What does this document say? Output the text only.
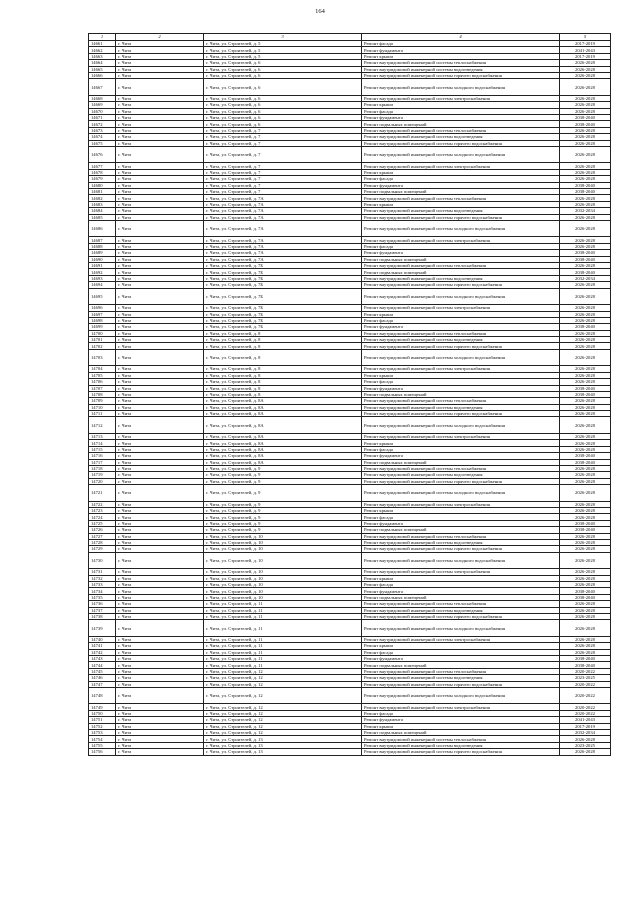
164
1	2	3	4	5
14661	г. Чита	г. Чита, ул. Строителей, д. 5	Ремонт фасада	2017-2019
14662	г. Чита	г. Чита, ул. Строителей, д. 5	Ремонт фундамента	2041-2043
14663	г. Чита	г. Чита, ул. Строителей, д. 5	Ремонт крыши	2017-2019
14664	г. Чита	г. Чита, ул. Строителей, д. 6	Ремонт внутридомовой инженерной системы теплоснабжения	2026-2028
14665	г. Чита	г. Чита, ул. Строителей, д. 6	Ремонт внутридомовой инженерной системы водоотведения	2026-2028
14666	г. Чита	г. Чита, ул. Строителей, д. 6	Ремонт внутридомовой инженерной системы горячего водоснабжения	2026-2028
14667	г. Чита	г. Чита, ул. Строителей, д. 6	Ремонт внутридомовой инженерной системы холодного водоснабжения	2026-2028
14668	г. Чита	г. Чита, ул. Строителей, д. 6	Ремонт внутридомовой инженерной системы электроснабжения	2026-2028
14669	г. Чита	г. Чита, ул. Строителей, д. 6	Ремонт крыши	2026-2028
14670	г. Чита	г. Чита, ул. Строителей, д. 6	Ремонт фасада	2026-2028
14671	г. Чита	г. Чита, ул. Строителей, д. 6	Ремонт фундамента	2038-2040
14672	г. Чита	г. Чита, ул. Строителей, д. 6	Ремонт подвальных помещений	2038-2040
14673	г. Чита	г. Чита, ул. Строителей, д. 7	Ремонт внутридомовой инженерной системы теплоснабжения	2026-2028
14674	г. Чита	г. Чита, ул. Строителей, д. 7	Ремонт внутридомовой инженерной системы водоотведения	2026-2028
14675	г. Чита	г. Чита, ул. Строителей, д. 7	Ремонт внутридомовой инженерной системы горячего водоснабжения	2026-2028
14676	г. Чита	г. Чита, ул. Строителей, д. 7	Ремонт внутридомовой инженерной системы холодного водоснабжения	2026-2028
14677	г. Чита	г. Чита, ул. Строителей, д. 7	Ремонт внутридомовой инженерной системы электроснабжения	2026-2028
14678	г. Чита	г. Чита, ул. Строителей, д. 7	Ремонт крыши	2026-2028
14679	г. Чита	г. Чита, ул. Строителей, д. 7	Ремонт фасада	2026-2028
14680	г. Чита	г. Чита, ул. Строителей, д. 7	Ремонт фундамента	2038-2040
14681	г. Чита	г. Чита, ул. Строителей, д. 7	Ремонт подвальных помещений	2038-2040
14682	г. Чита	г. Чита, ул. Строителей, д. 7А	Ремонт внутридомовой инженерной системы теплоснабжения	2026-2028
14683	г. Чита	г. Чита, ул. Строителей, д. 7А	Ремонт крыши	2026-2028
14684	г. Чита	г. Чита, ул. Строителей, д. 7А	Ремонт внутридомовой инженерной системы водоотведения	2032-2034
14685	г. Чита	г. Чита, ул. Строителей, д. 7А	Ремонт внутридомовой инженерной системы горячего водоснабжения	2026-2028
14686	г. Чита	г. Чита, ул. Строителей, д. 7А	Ремонт внутридомовой инженерной системы холодного водоснабжения	2026-2028
14687	г. Чита	г. Чита, ул. Строителей, д. 7А	Ремонт внутридомовой инженерной системы электроснабжения	2026-2028
14688	г. Чита	г. Чита, ул. Строителей, д. 7А	Ремонт фасада	2026-2028
14689	г. Чита	г. Чита, ул. Строителей, д. 7А	Ремонт фундамента	2038-2040
14690	г. Чита	г. Чита, ул. Строителей, д. 7А	Ремонт подвальных помещений	2038-2040
14691	г. Чита	г. Чита, ул. Строителей, д. 7Б	Ремонт внутридомовой инженерной системы теплоснабжения	2026-2028
14692	г. Чита	г. Чита, ул. Строителей, д. 7Б	Ремонт подвальных помещений	2038-2040
14693	г. Чита	г. Чита, ул. Строителей, д. 7Б	Ремонт внутридомовой инженерной системы водоотведения	2032-2034
14694	г. Чита	г. Чита, ул. Строителей, д. 7Б	Ремонт внутридомовой инженерной системы горячего водоснабжения	2026-2028
14695	г. Чита	г. Чита, ул. Строителей, д. 7Б	Ремонт внутридомовой инженерной системы холодного водоснабжения	2026-2028
14696	г. Чита	г. Чита, ул. Строителей, д. 7Б	Ремонт внутридомовой инженерной системы электроснабжения	2026-2028
14697	г. Чита	г. Чита, ул. Строителей, д. 7Б	Ремонт крыши	2026-2028
14698	г. Чита	г. Чита, ул. Строителей, д. 7Б	Ремонт фасада	2026-2028
14699	г. Чита	г. Чита, ул. Строителей, д. 7Б	Ремонт фундамента	2038-2040
14700	г. Чита	г. Чита, ул. Строителей, д. 8	Ремонт внутридомовой инженерной системы теплоснабжения	2026-2028
14701	г. Чита	г. Чита, ул. Строителей, д. 8	Ремонт внутридомовой инженерной системы водоотведения	2026-2028
14702	г. Чита	г. Чита, ул. Строителей, д. 8	Ремонт внутридомовой инженерной системы горячего водоснабжения	2026-2028
14703	г. Чита	г. Чита, ул. Строителей, д. 8	Ремонт внутридомовой инженерной системы холодного водоснабжения	2026-2028
14704	г. Чита	г. Чита, ул. Строителей, д. 8	Ремонт внутридомовой инженерной системы электроснабжения	2026-2028
14705	г. Чита	г. Чита, ул. Строителей, д. 8	Ремонт крыши	2026-2028
14706	г. Чита	г. Чита, ул. Строителей, д. 8	Ремонт фасада	2026-2028
14707	г. Чита	г. Чита, ул. Строителей, д. 8	Ремонт фундамента	2038-2040
14708	г. Чита	г. Чита, ул. Строителей, д. 8	Ремонт подвальных помещений	2038-2040
14709	г. Чита	г. Чита, ул. Строителей, д. 8А	Ремонт внутридомовой инженерной системы теплоснабжения	2026-2028
14710	г. Чита	г. Чита, ул. Строителей, д. 8А	Ремонт внутридомовой инженерной системы водоотведения	2026-2028
14711	г. Чита	г. Чита, ул. Строителей, д. 8А	Ремонт внутридомовой инженерной системы горячего водоснабжения	2026-2028
14712	г. Чита	г. Чита, ул. Строителей, д. 8А	Ремонт внутридомовой инженерной системы холодного водоснабжения	2026-2028
14713	г. Чита	г. Чита, ул. Строителей, д. 8А	Ремонт внутридомовой инженерной системы электроснабжения	2026-2028
14714	г. Чита	г. Чита, ул. Строителей, д. 8А	Ремонт крыши	2026-2028
14715	г. Чита	г. Чита, ул. Строителей, д. 8А	Ремонт фасада	2026-2028
14716	г. Чита	г. Чита, ул. Строителей, д. 8А	Ремонт фундамента	2038-2040
14717	г. Чита	г. Чита, ул. Строителей, д. 8А	Ремонт подвальных помещений	2038-2040
14718	г. Чита	г. Чита, ул. Строителей, д. 9	Ремонт внутридомовой инженерной системы теплоснабжения	2026-2028
14719	г. Чита	г. Чита, ул. Строителей, д. 9	Ремонт внутридомовой инженерной системы водоотведения	2026-2028
14720	г. Чита	г. Чита, ул. Строителей, д. 9	Ремонт внутридомовой инженерной системы горячего водоснабжения	2026-2028
14721	г. Чита	г. Чита, ул. Строителей, д. 9	Ремонт внутридомовой инженерной системы холодного водоснабжения	2026-2028
14722	г. Чита	г. Чита, ул. Строителей, д. 9	Ремонт внутридомовой инженерной системы электроснабжения	2026-2028
14723	г. Чита	г. Чита, ул. Строителей, д. 9	Ремонт крыши	2026-2028
14724	г. Чита	г. Чита, ул. Строителей, д. 9	Ремонт фасада	2026-2028
14725	г. Чита	г. Чита, ул. Строителей, д. 9	Ремонт фундамента	2038-2040
14726	г. Чита	г. Чита, ул. Строителей, д. 9	Ремонт подвальных помещений	2038-2040
14727	г. Чита	г. Чита, ул. Строителей, д. 10	Ремонт внутридомовой инженерной системы теплоснабжения	2026-2028
14728	г. Чита	г. Чита, ул. Строителей, д. 10	Ремонт внутридомовой инженерной системы водоотведения	2026-2028
14729	г. Чита	г. Чита, ул. Строителей, д. 10	Ремонт внутридомовой инженерной системы горячего водоснабжения	2026-2028
14730	г. Чита	г. Чита, ул. Строителей, д. 10	Ремонт внутридомовой инженерной системы холодного водоснабжения	2026-2028
14731	г. Чита	г. Чита, ул. Строителей, д. 10	Ремонт внутридомовой инженерной системы электроснабжения	2026-2028
14732	г. Чита	г. Чита, ул. Строителей, д. 10	Ремонт крыши	2026-2028
14733	г. Чита	г. Чита, ул. Строителей, д. 10	Ремонт фасада	2026-2028
14734	г. Чита	г. Чита, ул. Строителей, д. 10	Ремонт фундамента	2038-2040
14735	г. Чита	г. Чита, ул. Строителей, д. 10	Ремонт подвальных помещений	2038-2040
14736	г. Чита	г. Чита, ул. Строителей, д. 11	Ремонт внутридомовой инженерной системы теплоснабжения	2026-2028
14737	г. Чита	г. Чита, ул. Строителей, д. 11	Ремонт внутридомовой инженерной системы водоотведения	2026-2028
14738	г. Чита	г. Чита, ул. Строителей, д. 11	Ремонт внутридомовой инженерной системы горячего водоснабжения	2026-2028
14739	г. Чита	г. Чита, ул. Строителей, д. 11	Ремонт внутридомовой инженерной системы холодного водоснабжения	2026-2028
14740	г. Чита	г. Чита, ул. Строителей, д. 11	Ремонт внутридомовой инженерной системы электроснабжения	2026-2028
14741	г. Чита	г. Чита, ул. Строителей, д. 11	Ремонт крыши	2026-2028
14742	г. Чита	г. Чита, ул. Строителей, д. 11	Ремонт фасада	2026-2028
14743	г. Чита	г. Чита, ул. Строителей, д. 11	Ремонт фундамента	2038-2040
14744	г. Чита	г. Чита, ул. Строителей, д. 11	Ремонт подвальных помещений	2038-2040
14745	г. Чита	г. Чита, ул. Строителей, д. 12	Ремонт внутридомовой инженерной системы теплоснабжения	2020-2022
14746	г. Чита	г. Чита, ул. Строителей, д. 12	Ремонт внутридомовой инженерной системы водоотведения	2023-2025
14747	г. Чита	г. Чита, ул. Строителей, д. 12	Ремонт внутридомовой инженерной системы горячего водоснабжения	2020-2022
14748	г. Чита	г. Чита, ул. Строителей, д. 12	Ремонт внутридомовой инженерной системы холодного водоснабжения	2020-2022
14749	г. Чита	г. Чита, ул. Строителей, д. 12	Ремонт внутридомовой инженерной системы электроснабжения	2020-2022
14750	г. Чита	г. Чита, ул. Строителей, д. 12	Ремонт фасада	2020-2022
14751	г. Чита	г. Чита, ул. Строителей, д. 12	Ремонт фундамента	2041-2043
14752	г. Чита	г. Чита, ул. Строителей, д. 12	Ремонт крыши	2017-2019
14753	г. Чита	г. Чита, ул. Строителей, д. 12	Ремонт подвальных помещений	2032-2034
14754	г. Чита	г. Чита, ул. Строителей, д. 13	Ремонт внутридомовой инженерной системы теплоснабжения	2026-2028
14755	г. Чита	г. Чита, ул. Строителей, д. 13	Ремонт внутридомовой инженерной системы водоотведения	2023-2025
14756	г. Чита	г. Чита, ул. Строителей, д. 13	Ремонт внутридомовой инженерной системы горячего водоснабжения	2026-2028
